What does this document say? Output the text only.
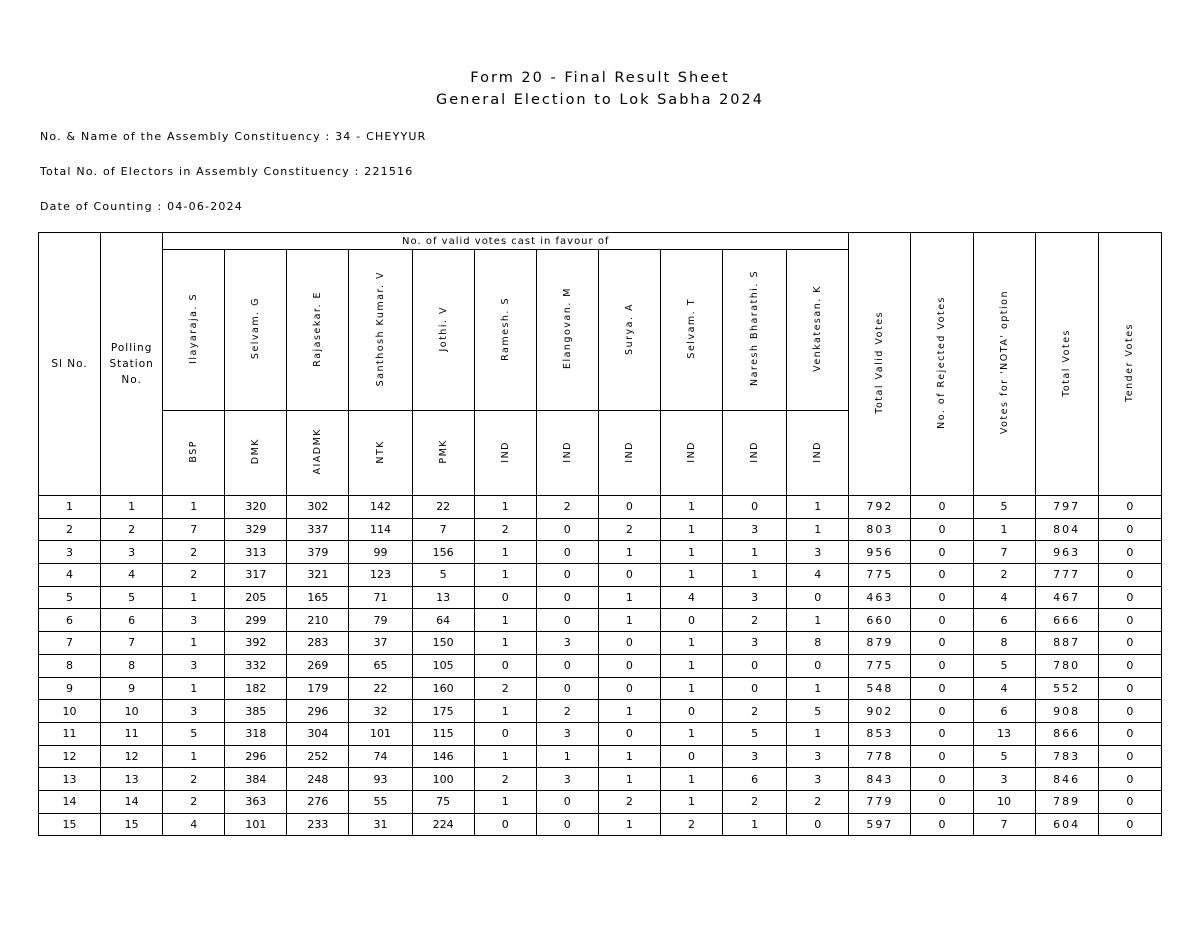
Form 20 - Final Result Sheet
General Election to Lok Sabha 2024
No. & Name of the Assembly Constituency : 34 - CHEYYUR
Total No. of Electors in Assembly Constituency : 221516
Date of Counting : 04-06-2024
Sl No.	Polling Station No.	No. of valid votes cast in favour of											Total Valid Votes	No. of Rejected Votes	Votes for 'NOTA' option	Total Votes	Tender Votes
		Ilayaraja. S	Selvam. G	Rajasekar. E	Santhosh Kumar. V	Jothi. V	Ramesh. S	Elangovan. M	Surya. A	Selvam. T	Naresh Bharathi. S	Venkatesan. K					
		BSP	DMK	AIADMK	NTK	PMK	IND	IND	IND	IND	IND	IND					
1	1	1	320	302	142	22	1	2	0	1	0	1	792	0	5	797	0
2	2	7	329	337	114	7	2	0	2	1	3	1	803	0	1	804	0
3	3	2	313	379	99	156	1	0	1	1	1	3	956	0	7	963	0
4	4	2	317	321	123	5	1	0	0	1	1	4	775	0	2	777	0
5	5	1	205	165	71	13	0	0	1	4	3	0	463	0	4	467	0
6	6	3	299	210	79	64	1	0	1	0	2	1	660	0	6	666	0
7	7	1	392	283	37	150	1	3	0	1	3	8	879	0	8	887	0
8	8	3	332	269	65	105	0	0	0	1	0	0	775	0	5	780	0
9	9	1	182	179	22	160	2	0	0	1	0	1	548	0	4	552	0
10	10	3	385	296	32	175	1	2	1	0	2	5	902	0	6	908	0
11	11	5	318	304	101	115	0	3	0	1	5	1	853	0	13	866	0
12	12	1	296	252	74	146	1	1	1	0	3	3	778	0	5	783	0
13	13	2	384	248	93	100	2	3	1	1	6	3	843	0	3	846	0
14	14	2	363	276	55	75	1	0	2	1	2	2	779	0	10	789	0
15	15	4	101	233	31	224	0	0	1	2	1	0	597	0	7	604	0
